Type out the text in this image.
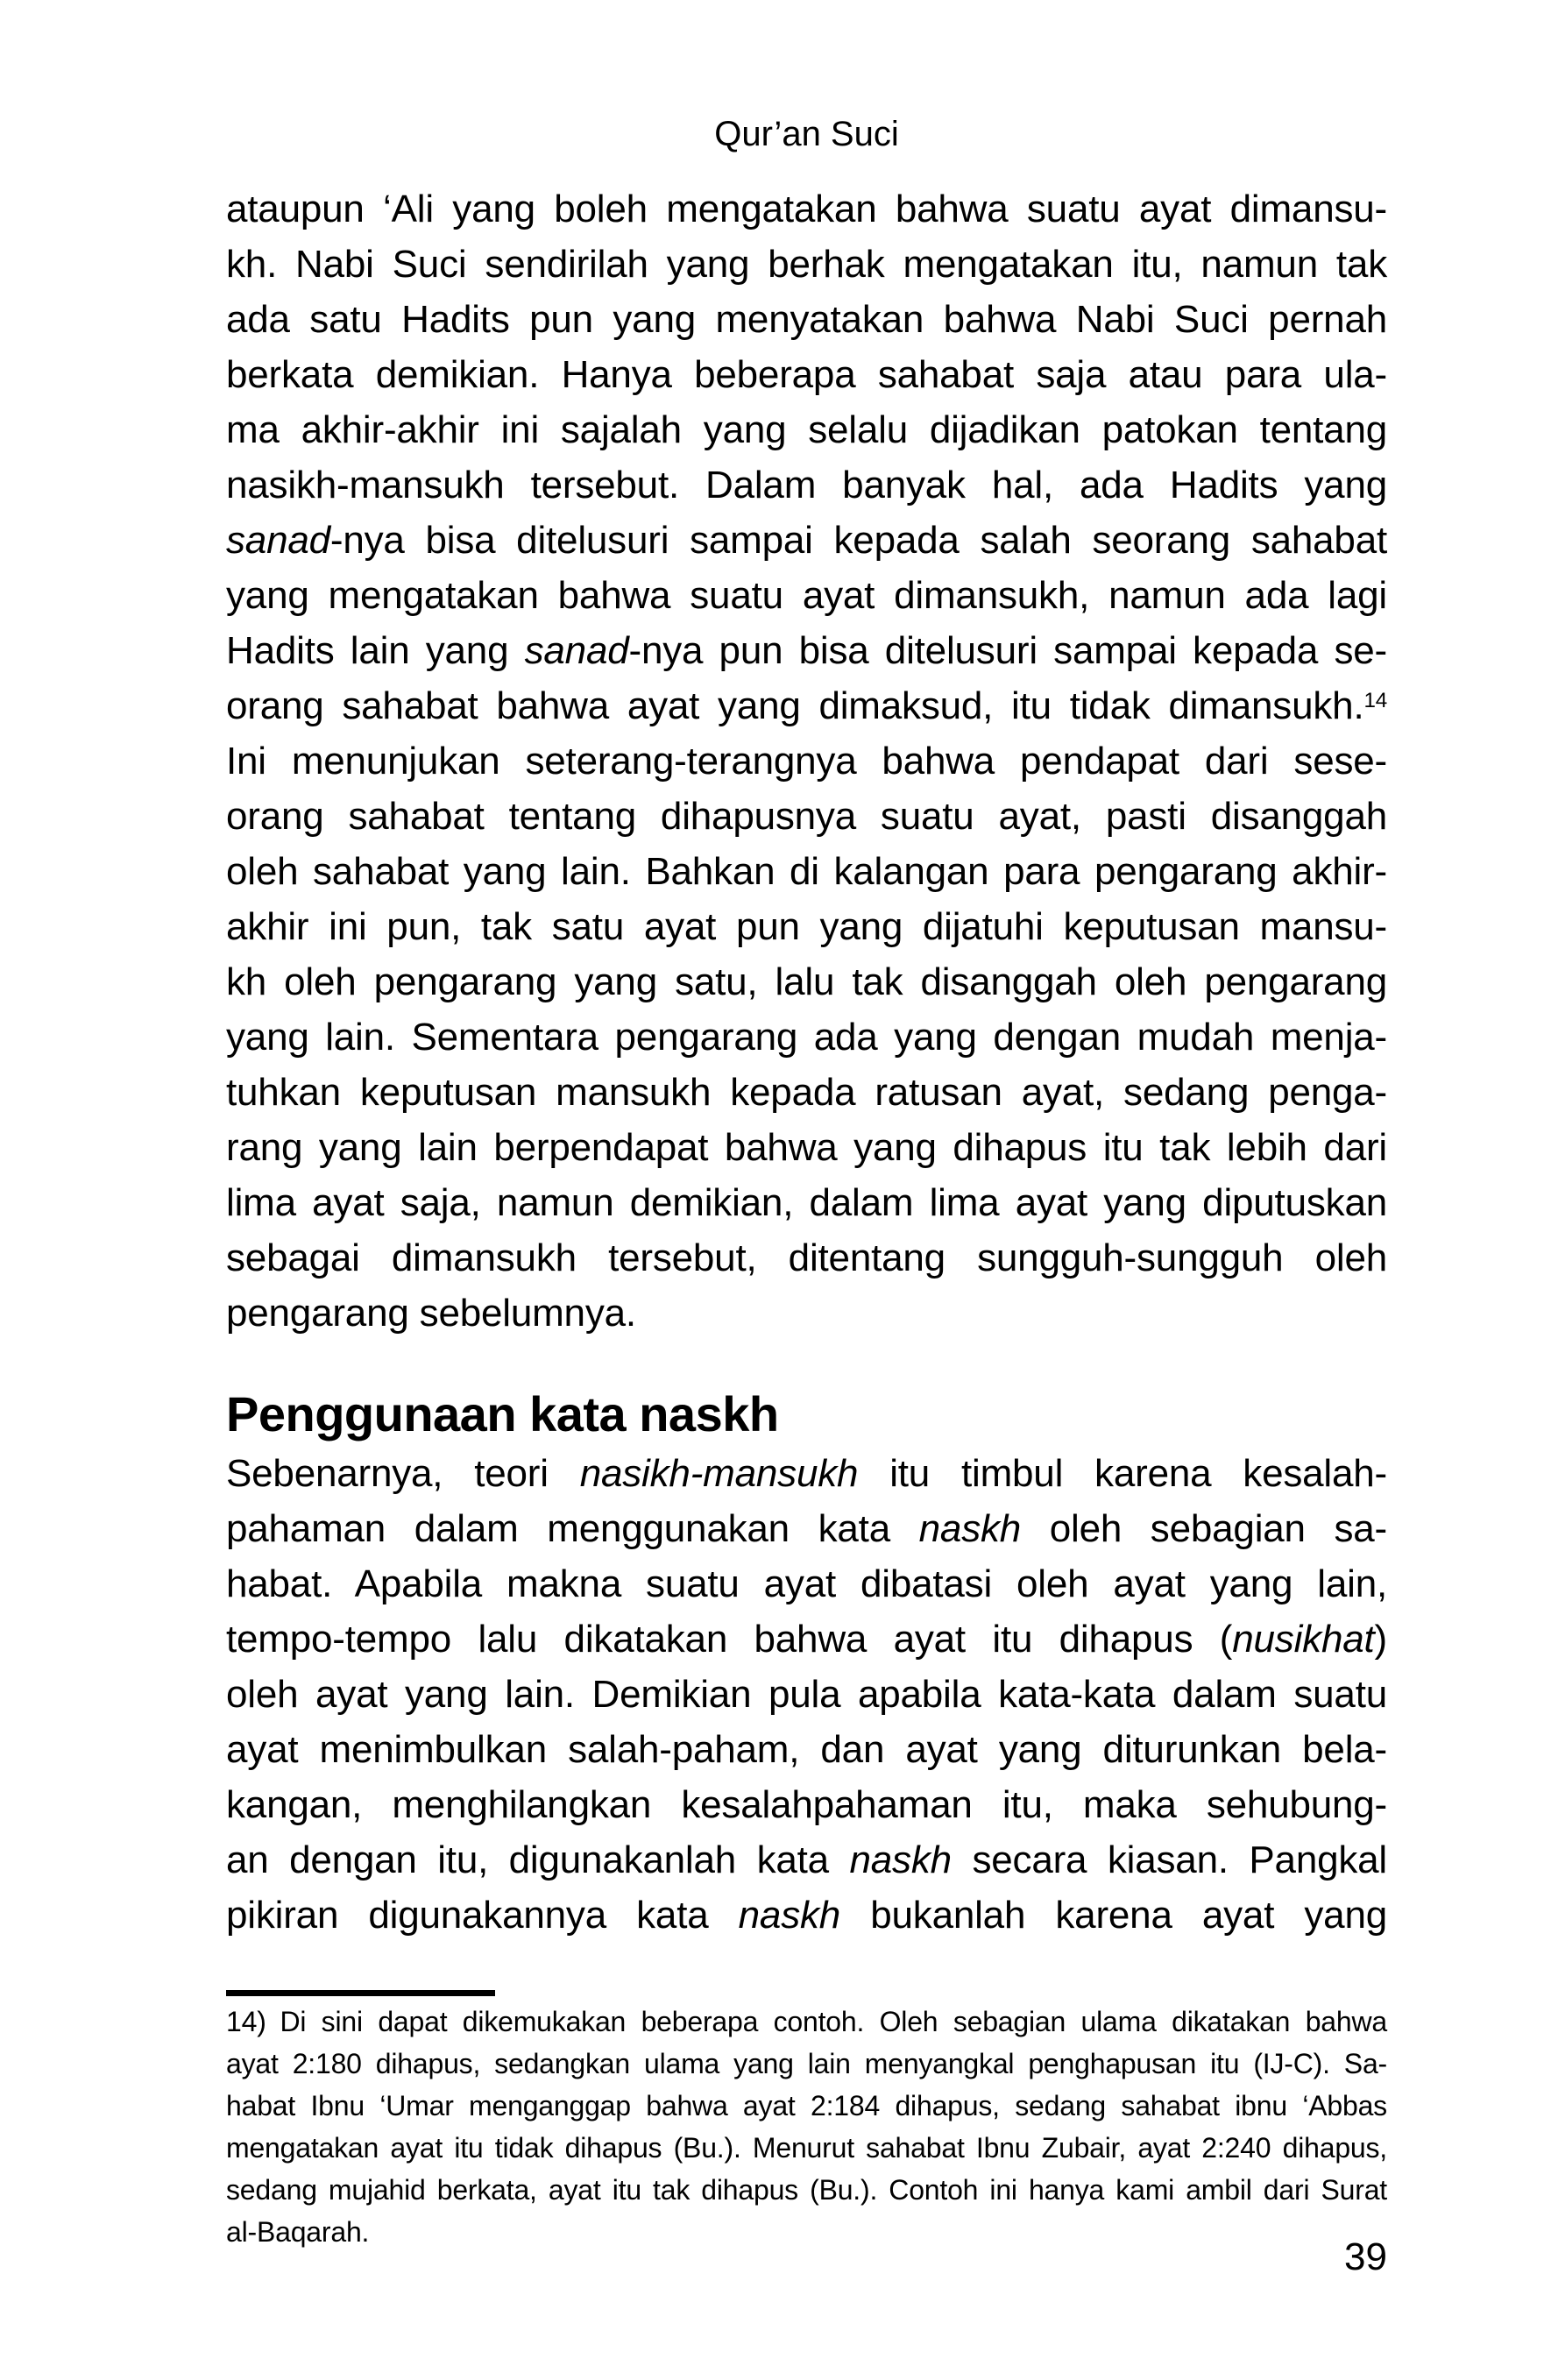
Qur’an Suci
ataupun ‘Ali yang boleh mengatakan bahwa suatu ayat dimansu-
kh. Nabi Suci sendirilah yang berhak mengatakan itu, namun tak
ada satu Hadits pun yang menyatakan bahwa Nabi Suci pernah
berkata demikian. Hanya beberapa sahabat saja atau para ula-
ma akhir-akhir ini sajalah yang selalu dijadikan patokan tentang
nasikh-mansukh tersebut. Dalam banyak hal, ada Hadits yang
sanad-nya bisa ditelusuri sampai kepada salah seorang sahabat
yang mengatakan bahwa suatu ayat dimansukh, namun ada lagi
Hadits lain yang sanad-nya pun bisa ditelusuri sampai kepada se-
orang sahabat bahwa ayat yang dimaksud, itu tidak dimansukh.$^{14}$
Ini menunjukan seterang-terangnya bahwa pendapat dari sese-
orang sahabat tentang dihapusnya suatu ayat, pasti disanggah
oleh sahabat yang lain. Bahkan di kalangan para pengarang akhir-
akhir ini pun, tak satu ayat pun yang dijatuhi keputusan mansu-
kh oleh pengarang yang satu, lalu tak disanggah oleh pengarang
yang lain. Sementara pengarang ada yang dengan mudah menja-
tuhkan keputusan mansukh kepada ratusan ayat, sedang penga-
rang yang lain berpendapat bahwa yang dihapus itu tak lebih dari
lima ayat saja, namun demikian, dalam lima ayat yang diputuskan
sebagai dimansukh tersebut, ditentang sungguh-sungguh oleh
pengarang sebelumnya.
Penggunaan kata naskh
Sebenarnya, teori nasikh-mansukh itu timbul karena kesalah-
pahaman dalam menggunakan kata naskh oleh sebagian sa-
habat. Apabila makna suatu ayat dibatasi oleh ayat yang lain,
tempo-tempo lalu dikatakan bahwa ayat itu dihapus (nusikhat)
oleh ayat yang lain. Demikian pula apabila kata-kata dalam suatu
ayat menimbulkan salah-paham, dan ayat yang diturunkan bela-
kangan, menghilangkan kesalahpahaman itu, maka sehubung-
an dengan itu, digunakanlah kata naskh secara kiasan. Pangkal
pikiran digunakannya kata naskh bukanlah karena ayat yang
14) Di sini dapat dikemukakan beberapa contoh. Oleh sebagian ulama dikatakan bahwa
ayat 2:180 dihapus, sedangkan ulama yang lain menyangkal penghapusan itu (IJ-C). Sa-
habat Ibnu ‘Umar menganggap bahwa ayat 2:184 dihapus, sedang sahabat ibnu ‘Abbas
mengatakan ayat itu tidak dihapus (Bu.). Menurut sahabat Ibnu Zubair, ayat 2:240 dihapus,
sedang mujahid berkata, ayat itu tak dihapus (Bu.). Contoh ini hanya kami ambil dari Surat
al-Baqarah.
39
